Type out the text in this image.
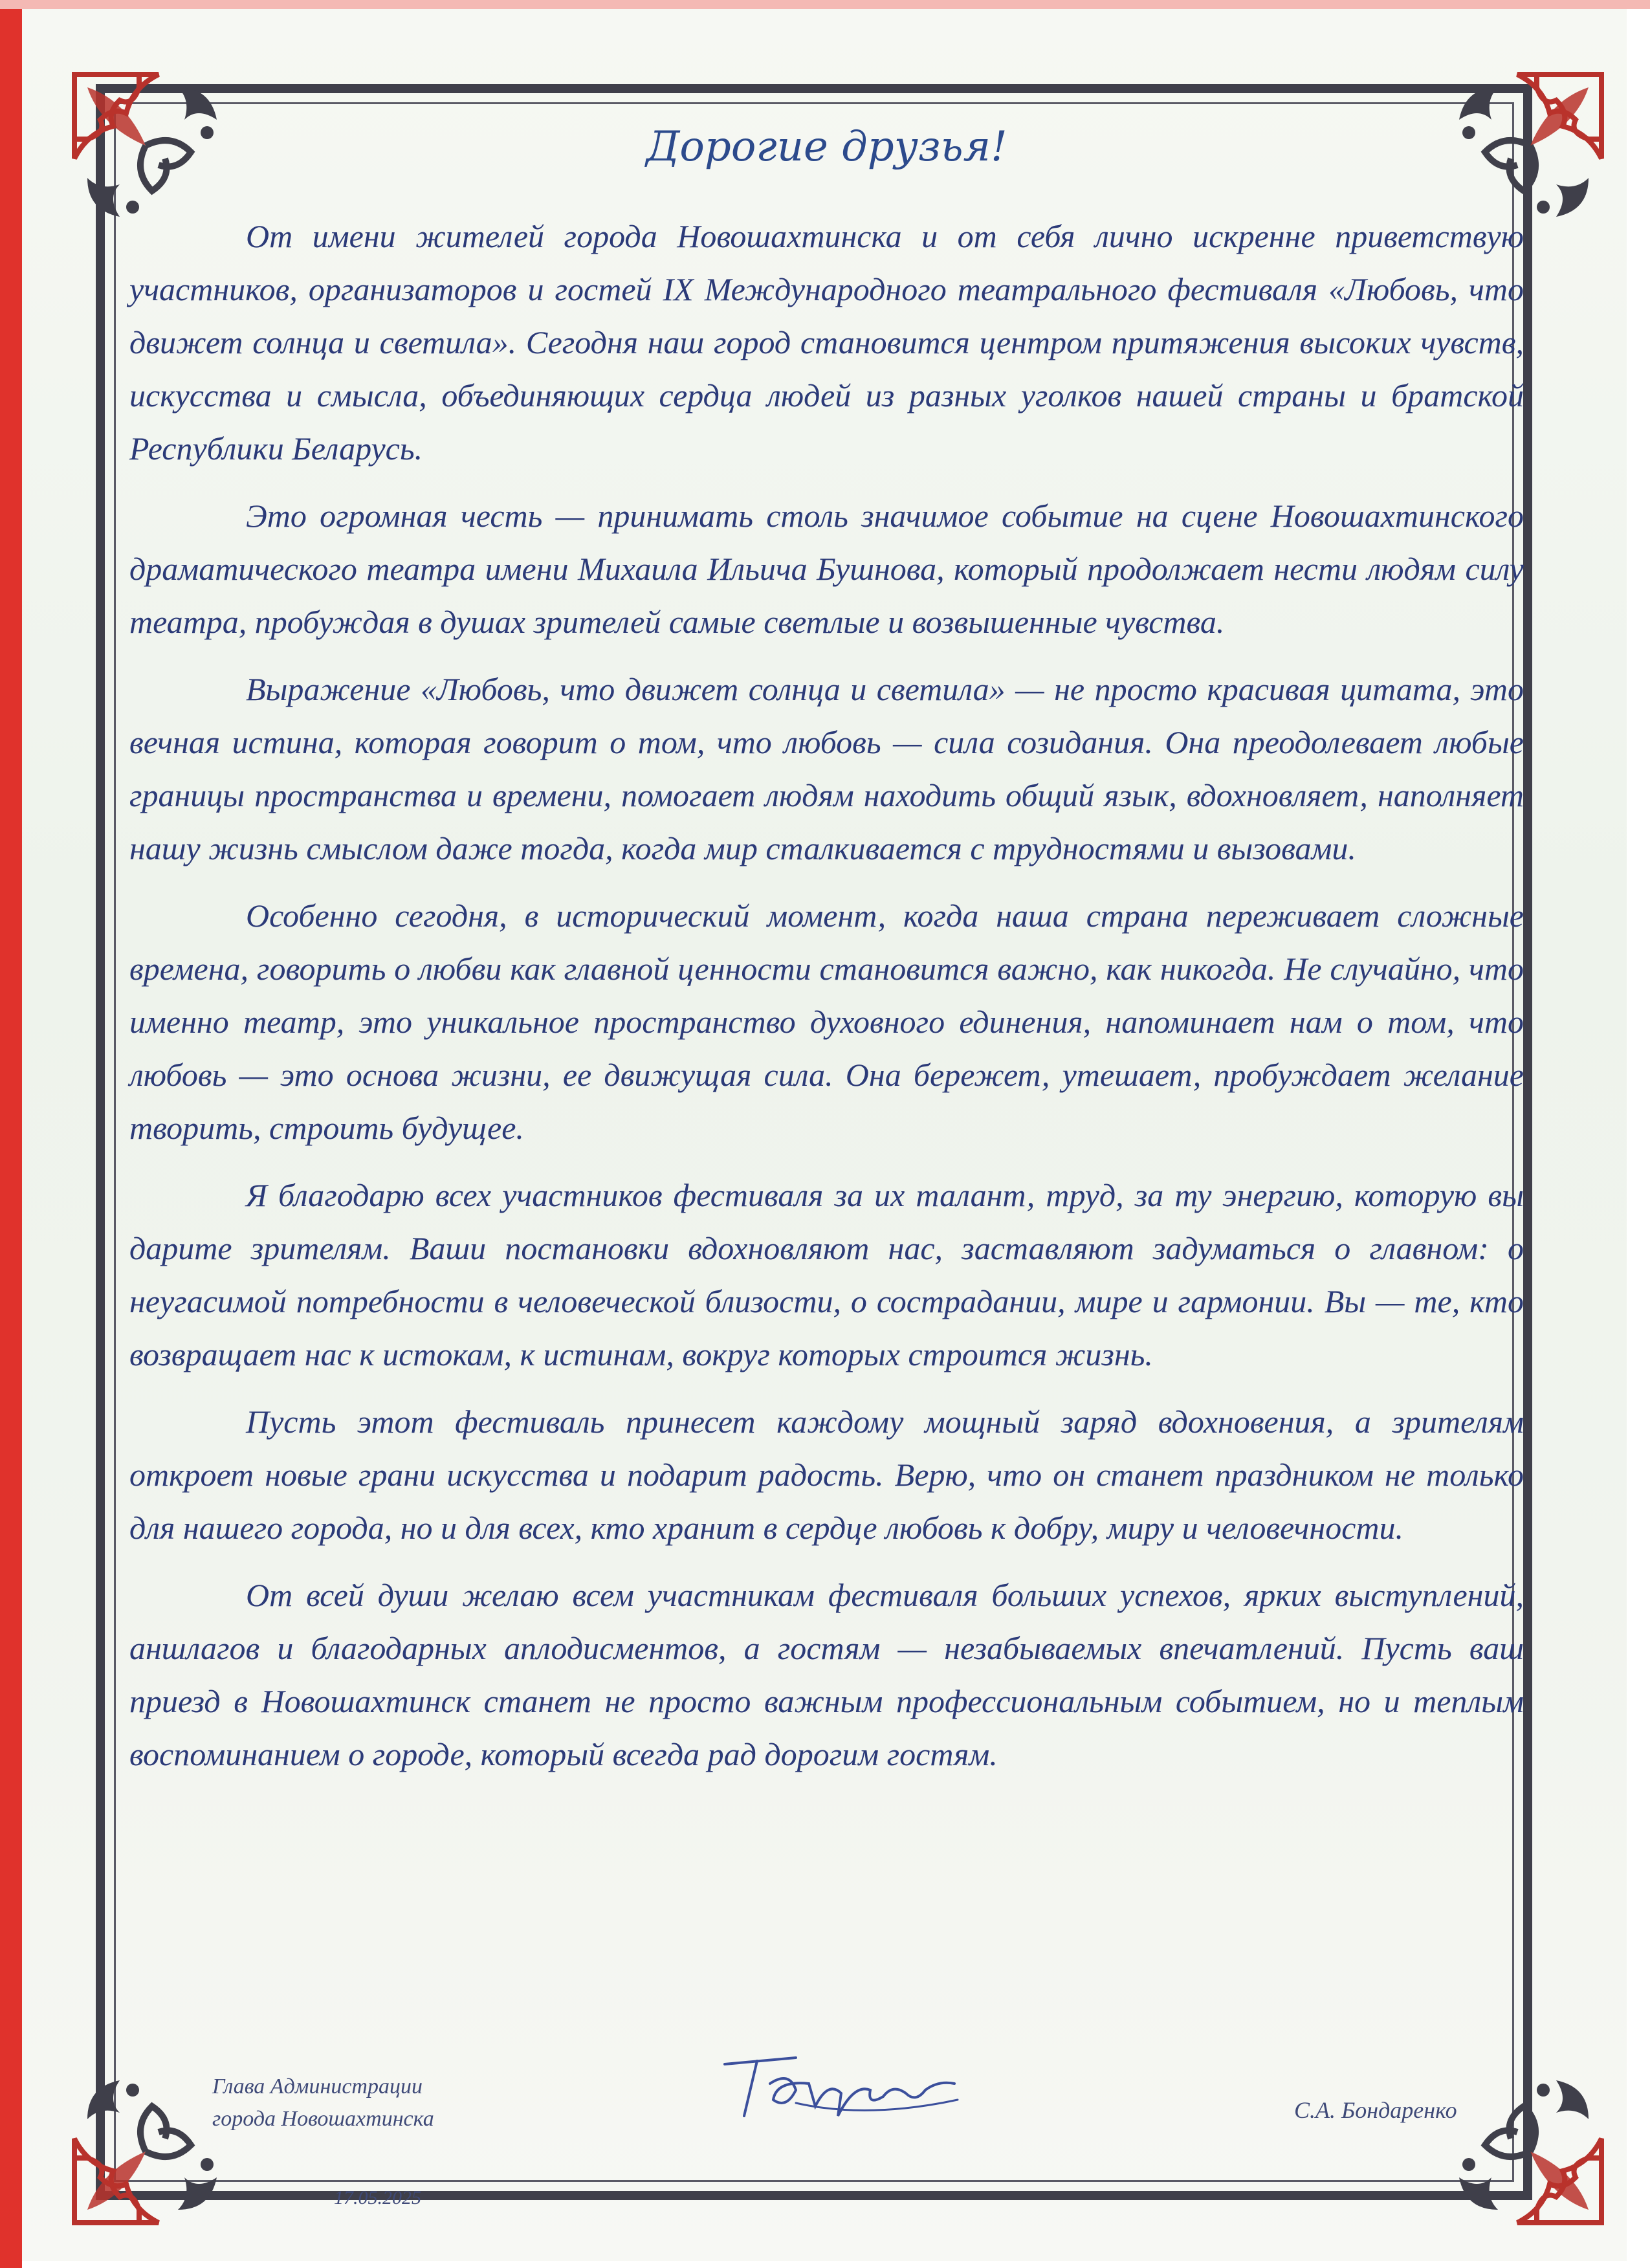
Дорогие друзья!

От имени жителей города Новошахтинска и от себя лично искренне приветствую участников, организаторов и гостей IX Международного театрального фестиваля «Любовь, что движет солнца и светила». Сегодня наш город становится центром притяжения высоких чувств, искусства и смысла, объединяющих сердца людей из разных уголков нашей страны и братской Республики Беларусь.

Это огромная честь — принимать столь значимое событие на сцене Новошахтинского драматического театра имени Михаила Ильича Бушнова, который продолжает нести людям силу театра, пробуждая в душах зрителей самые светлые и возвышенные чувства.

Выражение «Любовь, что движет солнца и светила» — не просто красивая цитата, это вечная истина, которая говорит о том, что любовь — сила созидания. Она преодолевает любые границы пространства и времени, помогает людям находить общий язык, вдохновляет, наполняет нашу жизнь смыслом даже тогда, когда мир сталкивается с трудностями и вызовами.

Особенно сегодня, в исторический момент, когда наша страна переживает сложные времена, говорить о любви как главной ценности становится важно, как никогда. Не случайно, что именно театр, это уникальное пространство духовного единения, напоминает нам о том, что любовь — это основа жизни, ее движущая сила. Она бережет, утешает, пробуждает желание творить, строить будущее.

Я благодарю всех участников фестиваля за их талант, труд, за ту энергию, которую вы дарите зрителям. Ваши постановки вдохновляют нас, заставляют задуматься о главном: о неугасимой потребности в человеческой близости, о сострадании, мире и гармонии. Вы — те, кто возвращает нас к истокам, к истинам, вокруг которых строится жизнь.

Пусть этот фестиваль принесет каждому мощный заряд вдохновения, а зрителям откроет новые грани искусства и подарит радость. Верю, что он станет праздником не только для нашего города, но и для всех, кто хранит в сердце любовь к добру, миру и человечности.

От всей души желаю всем участникам фестиваля больших успехов, ярких выступлений, аншлагов и благодарных аплодисментов, а гостям — незабываемых впечатлений. Пусть ваш приезд в Новошахтинск станет не просто важным профессиональным событием, но и теплым воспоминанием о городе, который всегда рад дорогим гостям.

Глава Администрации
города Новошахтинска	С.А. Бондаренко
17.05.2025
